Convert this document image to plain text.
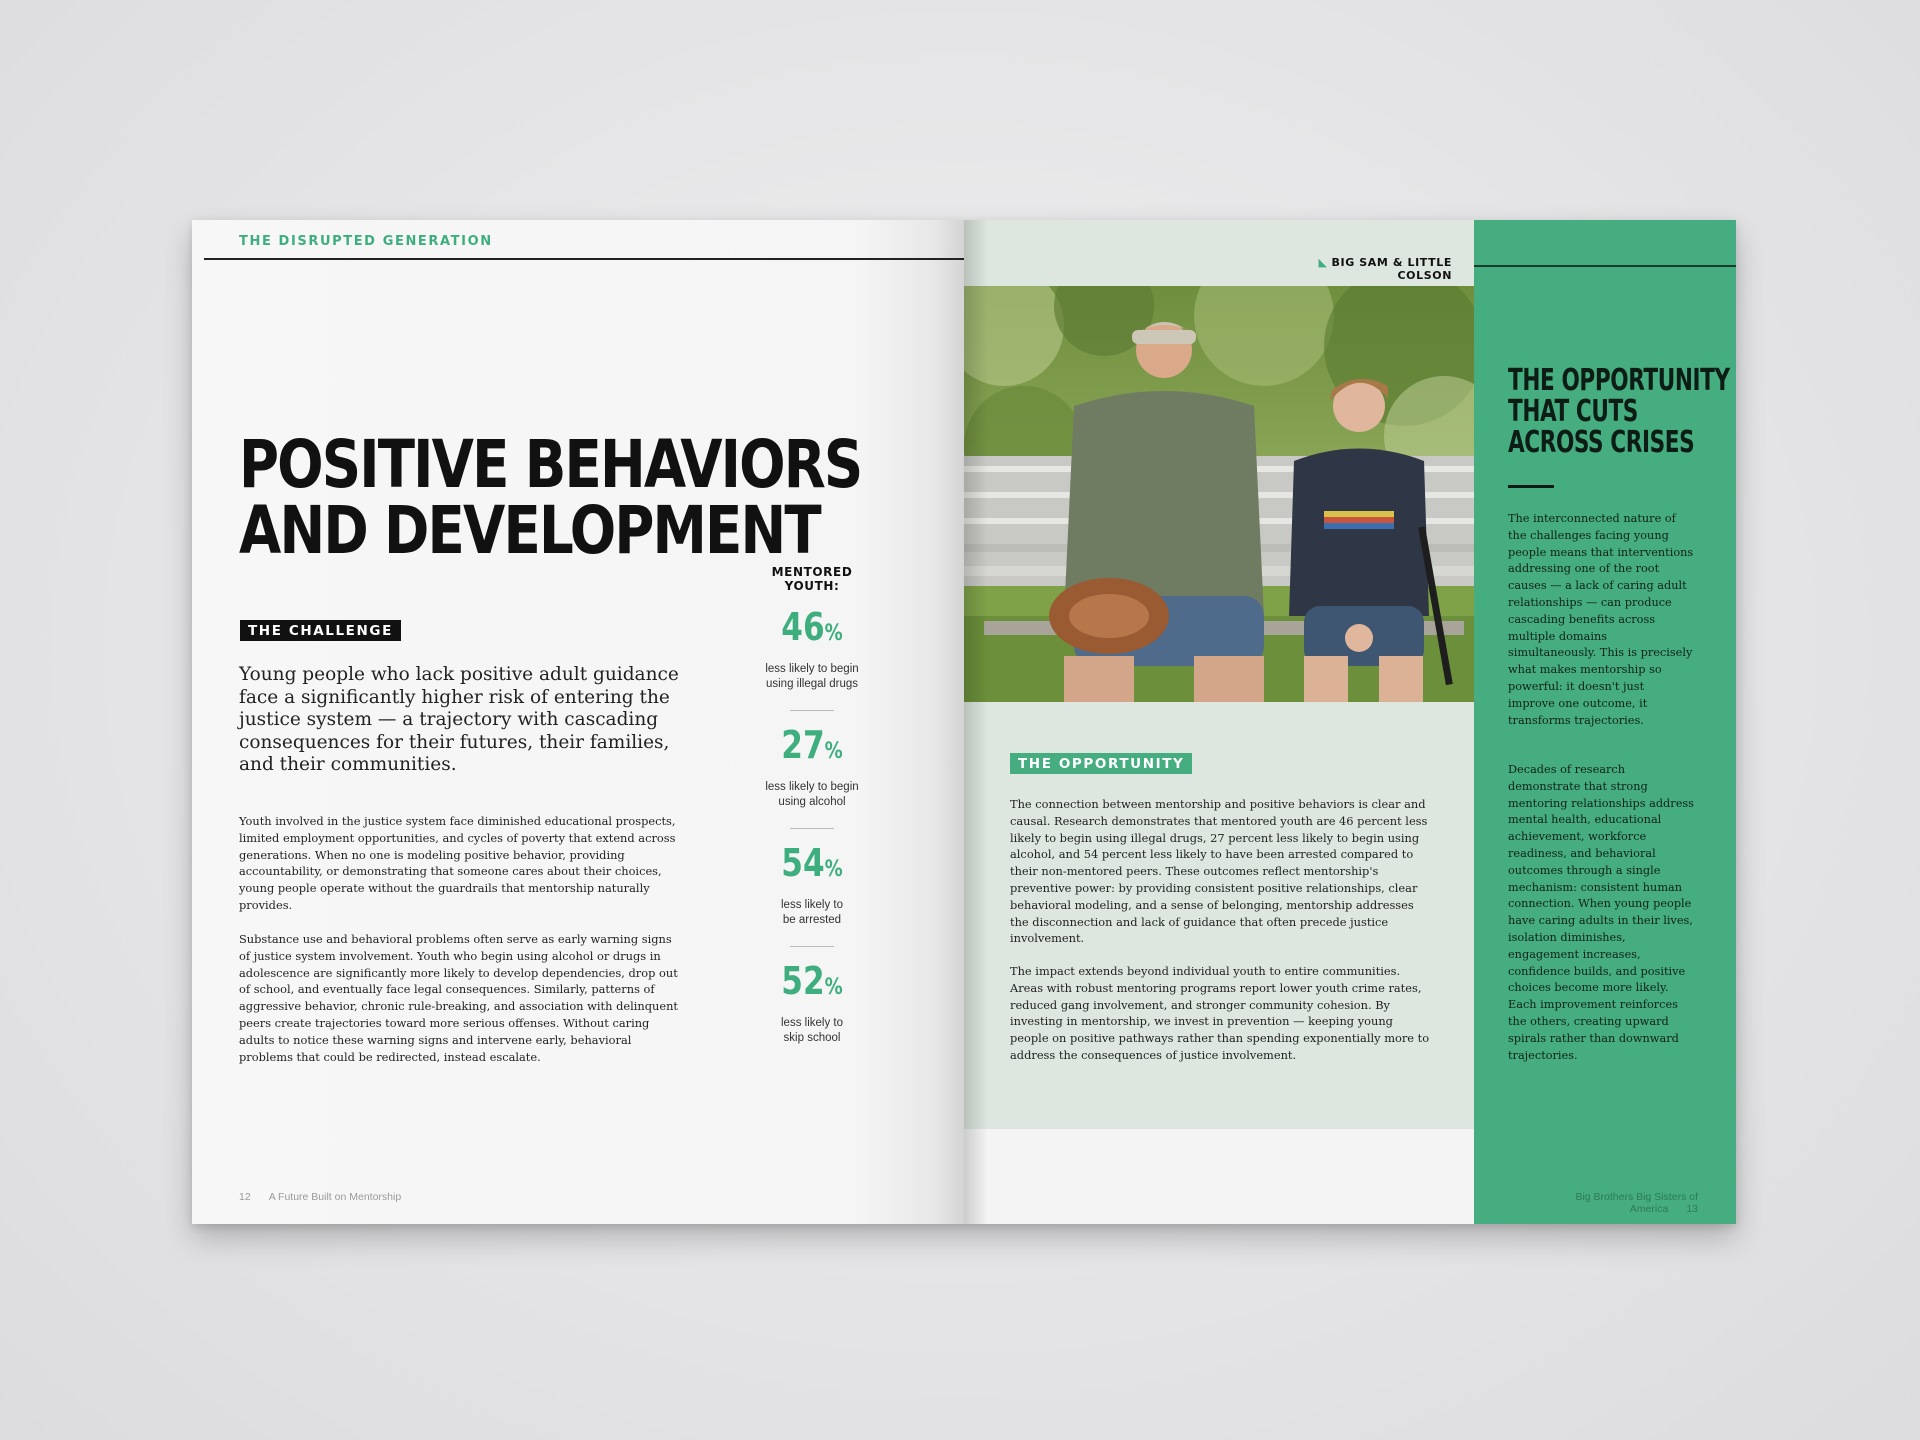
THE DISRUPTED GENERATION
POSITIVE BEHAVIORS
AND DEVELOPMENT
THE CHALLENGE

Young people who lack positive adult guidance face a significantly higher risk of entering the justice system — a trajectory with cascading consequences for their futures, their families, and their communities.

Youth involved in the justice system face diminished educational prospects, limited employment opportunities, and cycles of poverty that extend across generations. When no one is modeling positive behavior, providing accountability, or demonstrating that someone cares about their choices, young people operate without the guardrails that mentorship naturally provides.

Substance use and behavioral problems often serve as early warning signs of justice system involvement. Youth who begin using alcohol or drugs in adolescence are significantly more likely to develop dependencies, drop out of school, and eventually face legal consequences. Similarly, patterns of aggressive behavior, chronic rule-breaking, and association with delinquent peers create trajectories toward more serious offenses. Without caring adults to notice these warning signs and intervene early, behavioral problems that could be redirected, instead escalate.

MENTORED
YOUTH:

46%
less likely to begin
using illegal drugs
27%
less likely to begin
using alcohol
54%
less likely to
be arrested
52%
less likely to
skip school
12 A Future Built on Mentorship
◣ BIG SAM & LITTLE COLSON
THE OPPORTUNITY

The connection between mentorship and positive behaviors is clear and causal. Research demonstrates that mentored youth are 46 percent less likely to begin using illegal drugs, 27 percent less likely to begin using alcohol, and 54 percent less likely to have been arrested compared to their non-mentored peers. These outcomes reflect mentorship's preventive power: by providing consistent positive relationships, clear behavioral modeling, and a sense of belonging, mentorship addresses the disconnection and lack of guidance that often precede justice involvement.

The impact extends beyond individual youth to entire communities. Areas with robust mentoring programs report lower youth crime rates, reduced gang involvement, and stronger community cohesion. By investing in mentorship, we invest in prevention — keeping young people on positive pathways rather than spending exponentially more to address the consequences of justice involvement.

THE OPPORTUNITY
THAT CUTS
ACROSS CRISES

The interconnected nature of the challenges facing young people means that interventions addressing one of the root causes — a lack of caring adult relationships — can produce cascading benefits across multiple domains simultaneously. This is precisely what makes mentorship so powerful: it doesn't just improve one outcome, it transforms trajectories.

Decades of research demonstrate that strong mentoring relationships address mental health, educational achievement, workforce readiness, and behavioral outcomes through a single mechanism: consistent human connection. When young people have caring adults in their lives, isolation diminishes, engagement increases, confidence builds, and positive choices become more likely. Each improvement reinforces the others, creating upward spirals rather than downward trajectories.

Big Brothers Big Sisters of America 13
